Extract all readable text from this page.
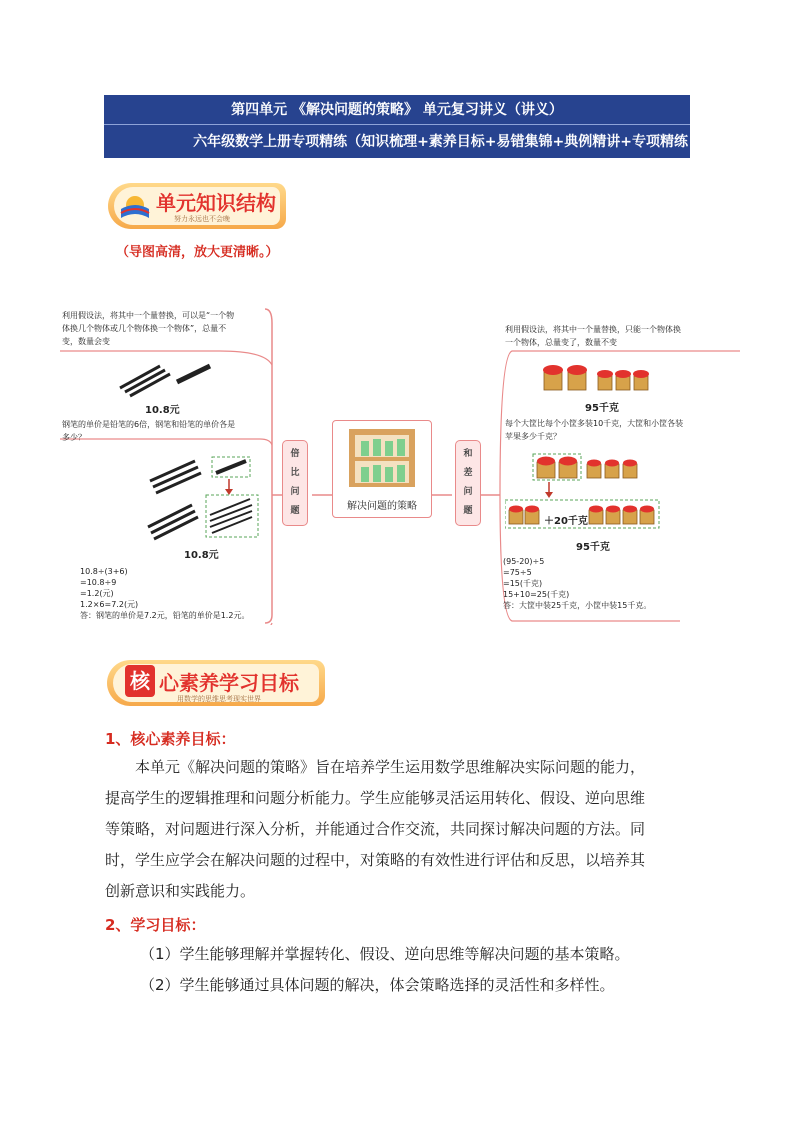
第四单元 《解决问题的策略》 单元复习讲义（讲义）
六年级数学上册专项精练（知识梳理+素养目标+易错集锦+典例精讲+专项精练
单元知识结构
努力永远也不会晚
（导图高清，放大更清晰。）
利用假设法，将其中一个量替换，可以是“一个物
体换几个物体或几个物体换一个物体”，总量不
变，数量会变
10.8元
钢笔的单价是铅笔的6倍，钢笔和铅笔的单价各是
多少？
10.8元
10.8÷(3+6)
=10.8÷9
=1.2(元)
1.2×6=7.2(元)
答：钢笔的单价是7.2元，铅笔的单价是1.2元。
倍比问题	解决问题的策略
和差问题
利用假设法，将其中一个量替换，只能一个物体换
一个物体，总量变了，数量不变
95千克
每个大筐比每个小筐多装10千克，大筐和小筐各装
苹果多少千克？
＋20千克
95千克
(95-20)÷5
=75÷5
=15(千克)
15+10=25(千克)
答：大筐中装25千克，小筐中装15千克。
核 心素养学习目标
用数学的思维思考现实世界
1、核心素养目标：
本单元《解决问题的策略》旨在培养学生运用数学思维解决实际问题的能力，
提高学生的逻辑推理和问题分析能力。学生应能够灵活运用转化、假设、逆向思维
等策略，对问题进行深入分析，并能通过合作交流，共同探讨解决问题的方法。同
时，学生应学会在解决问题的过程中，对策略的有效性进行评估和反思，以培养其
创新意识和实践能力。
2、学习目标：
（1）学生能够理解并掌握转化、假设、逆向思维等解决问题的基本策略。
（2）学生能够通过具体问题的解决，体会策略选择的灵活性和多样性。
